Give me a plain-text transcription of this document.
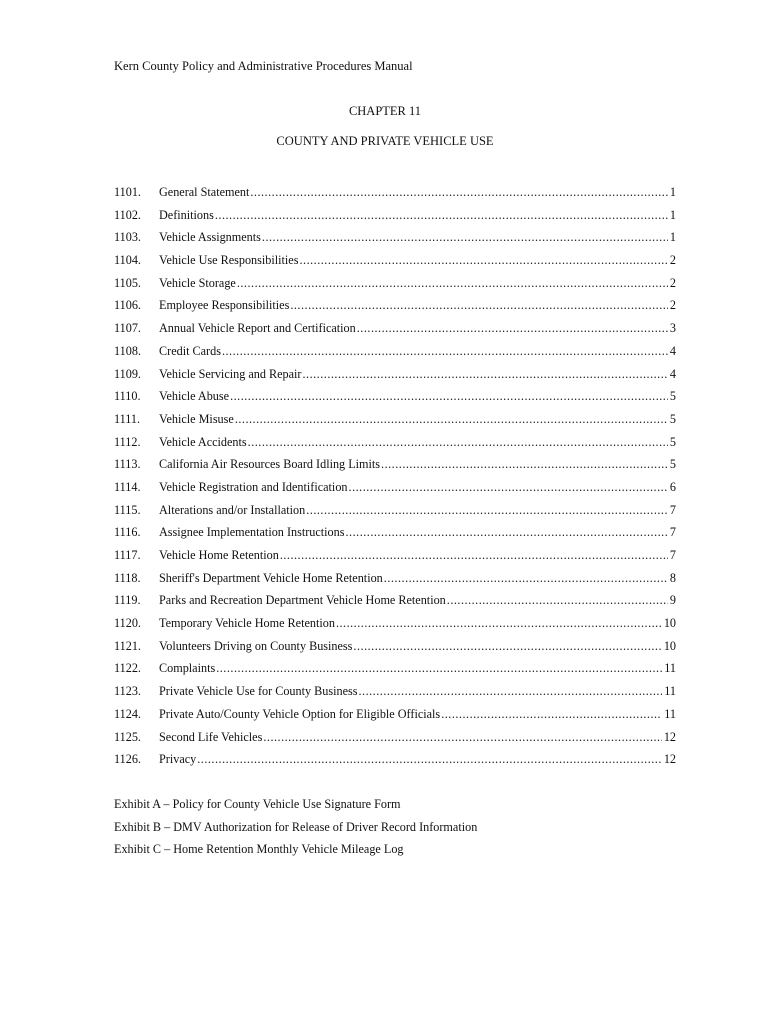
Kern County Policy and Administrative Procedures Manual
CHAPTER 11
COUNTY AND PRIVATE VEHICLE USE
1101.	General Statement .....	1
1102.	Definitions .....	1
1103.	Vehicle Assignments .....	1
1104.	Vehicle Use Responsibilities .....	2
1105.	Vehicle Storage .....	2
1106.	Employee Responsibilities .....	2
1107.	Annual Vehicle Report and Certification .....	3
1108.	Credit Cards .....	4
1109.	Vehicle Servicing and Repair .....	4
1110.	Vehicle Abuse .....	5
1111.	Vehicle Misuse .....	5
1112.	Vehicle Accidents .....	5
1113.	California Air Resources Board Idling Limits .....	5
1114.	Vehicle Registration and Identification .....	6
1115.	Alterations and/or Installation .....	7
1116.	Assignee Implementation Instructions .....	7
1117.	Vehicle Home Retention .....	7
1118.	Sheriff's Department Vehicle Home Retention .....	8
1119.	Parks and Recreation Department Vehicle Home Retention .....	9
1120.	Temporary Vehicle Home Retention .....	10
1121.	Volunteers Driving on County Business .....	10
1122.	Complaints .....	11
1123.	Private Vehicle Use for County Business .....	11
1124.	Private Auto/County Vehicle Option for Eligible Officials .....	11
1125.	Second Life Vehicles .....	12
1126.	Privacy .....	12
Exhibit A – Policy for County Vehicle Use Signature Form
Exhibit B – DMV Authorization for Release of Driver Record Information
Exhibit C – Home Retention Monthly Vehicle Mileage Log
